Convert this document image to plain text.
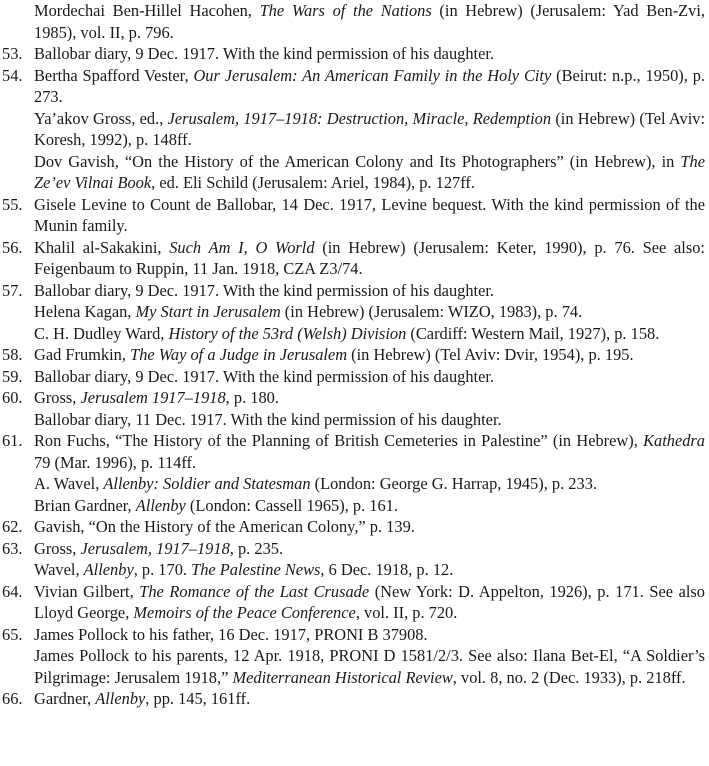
Mordechai Ben-Hillel Hacohen, The Wars of the Nations (in Hebrew) (Jerusalem: Yad Ben-Zvi, 1985), vol. II, p. 796.
53. Ballobar diary, 9 Dec. 1917. With the kind permission of his daughter.
54. Bertha Spafford Vester, Our Jerusalem: An American Family in the Holy City (Beirut: n.p., 1950), p. 273.
Ya’akov Gross, ed., Jerusalem, 1917–1918: Destruction, Miracle, Redemption (in Hebrew) (Tel Aviv: Koresh, 1992), p. 148ff.
Dov Gavish, “On the History of the American Colony and Its Photographers” (in Hebrew), in The Ze’ev Vilnai Book, ed. Eli Schild (Jerusalem: Ariel, 1984), p. 127ff.
55. Gisele Levine to Count de Ballobar, 14 Dec. 1917, Levine bequest. With the kind permission of the Munin family.
56. Khalil al-Sakakini, Such Am I, O World (in Hebrew) (Jerusalem: Keter, 1990), p. 76. See also: Feigenbaum to Ruppin, 11 Jan. 1918, CZA Z3/74.
57. Ballobar diary, 9 Dec. 1917. With the kind permission of his daughter.
Helena Kagan, My Start in Jerusalem (in Hebrew) (Jerusalem: WIZO, 1983), p. 74.
C. H. Dudley Ward, History of the 53rd (Welsh) Division (Cardiff: Western Mail, 1927), p. 158.
58. Gad Frumkin, The Way of a Judge in Jerusalem (in Hebrew) (Tel Aviv: Dvir, 1954), p. 195.
59. Ballobar diary, 9 Dec. 1917. With the kind permission of his daughter.
60. Gross, Jerusalem 1917–1918, p. 180.
Ballobar diary, 11 Dec. 1917. With the kind permission of his daughter.
61. Ron Fuchs, “The History of the Planning of British Cemeteries in Palestine” (in Hebrew), Kathedra 79 (Mar. 1996), p. 114ff.
A. Wavel, Allenby: Soldier and Statesman (London: George G. Harrap, 1945), p. 233.
Brian Gardner, Allenby (London: Cassell 1965), p. 161.
62. Gavish, “On the History of the American Colony,” p. 139.
63. Gross, Jerusalem, 1917–1918, p. 235.
Wavel, Allenby, p. 170. The Palestine News, 6 Dec. 1918, p. 12.
64. Vivian Gilbert, The Romance of the Last Crusade (New York: D. Appelton, 1926), p. 171. See also Lloyd George, Memoirs of the Peace Conference, vol. II, p. 720.
65. James Pollock to his father, 16 Dec. 1917, PRONI B 37908.
James Pollock to his parents, 12 Apr. 1918, PRONI D 1581/2/3. See also: Ilana Bet-El, “A Soldier’s Pilgrimage: Jerusalem 1918,” Mediterranean Historical Review, vol. 8, no. 2 (Dec. 1933), p. 218ff.
66. Gardner, Allenby, pp. 145, 161ff.
